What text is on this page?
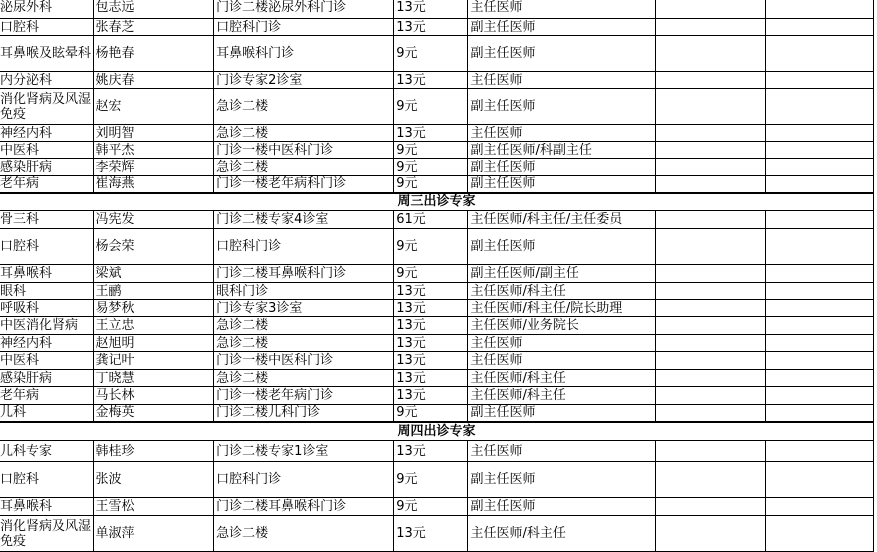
泌尿外科	包志远	门诊二楼泌尿外科门诊	13元	主任医师		
口腔科	张春芝	口腔科门诊	13元	副主任医师		
耳鼻喉及眩晕科	杨艳春	耳鼻喉科门诊	9元	副主任医师		
内分泌科	姚庆春	门诊专家2诊室	13元	主任医师		
消化肾病及风湿免疫	赵宏	急诊二楼	9元	副主任医师		
神经内科	刘明智	急诊二楼	13元	主任医师		
中医科	韩平杰	门诊一楼中医科门诊	9元	副主任医师/科副主任		
感染肝病	李荣辉	急诊二楼	9元	副主任医师		
老年病	崔海燕	门诊一楼老年病科门诊	9元	副主任医师		
周三出诊专家						
骨三科	冯宪发	门诊二楼专家4诊室	61元	主任医师/科主任/主任委员		
口腔科	杨会荣	口腔科门诊	9元	副主任医师		
耳鼻喉科	梁斌	门诊二楼耳鼻喉科门诊	9元	副主任医师/副主任		
眼科	王鹂	眼科门诊	13元	主任医师/科主任		
呼吸科	易梦秋	门诊专家3诊室	13元	主任医师/科主任/院长助理		
中医消化肾病	王立忠	急诊二楼	13元	主任医师/业务院长		
神经内科	赵旭明	急诊二楼	13元	主任医师		
中医科	龚记叶	门诊一楼中医科门诊	13元	主任医师		
感染肝病	丁晓慧	急诊二楼	13元	主任医师/科主任		
老年病	马长林	门诊一楼老年病门诊	13元	主任医师/科主任		
儿科	金梅英	门诊二楼儿科门诊	9元	副主任医师		
周四出诊专家						
儿科专家	韩桂珍	门诊二楼专家1诊室	13元	主任医师		
口腔科	张波	口腔科门诊	9元	副主任医师		
耳鼻喉科	王雪松	门诊二楼耳鼻喉科门诊	9元	副主任医师		
消化肾病及风湿免疫	单淑萍	急诊二楼	13元	主任医师/科主任		
